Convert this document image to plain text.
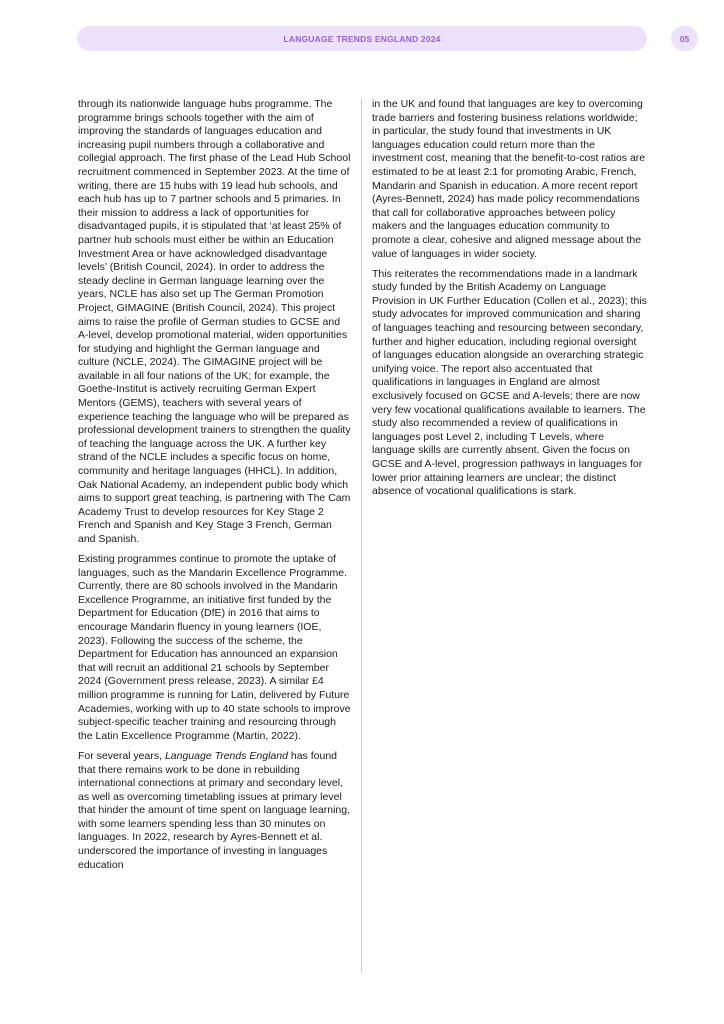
LANGUAGE TRENDS ENGLAND 2024	05

through its nationwide language hubs programme. The programme brings schools together with the aim of improving the standards of languages education and increasing pupil numbers through a collaborative and collegial approach. The first phase of the Lead Hub School recruitment commenced in September 2023. At the time of writing, there are 15 hubs with 19 lead hub schools, and each hub has up to 7 partner schools and 5 primaries. In their mission to address a lack of opportunities for disadvantaged pupils, it is stipulated that ‘at least 25% of partner hub schools must either be within an Education Investment Area or have acknowledged disadvantage levels’ (British Council, 2024). In order to address the steady decline in German language learning over the years, NCLE has also set up The German Promotion Project, GIMAGINE (British Council, 2024). This project aims to raise the profile of German studies to GCSE and A-level, develop promotional material, widen opportunities for studying and highlight the German language and culture (NCLE, 2024). The GIMAGINE project will be available in all four nations of the UK; for example, the Goethe-Institut is actively recruiting German Expert Mentors (GEMS), teachers with several years of experience teaching the language who will be prepared as professional development trainers to strengthen the quality of teaching the language across the UK. A further key strand of the NCLE includes a specific focus on home, community and heritage languages (HHCL). In addition, Oak National Academy, an independent public body which aims to support great teaching, is partnering with The Cam Academy Trust to develop resources for Key Stage 2 French and Spanish and Key Stage 3 French, German and Spanish.

Existing programmes continue to promote the uptake of languages, such as the Mandarin Excellence Programme. Currently, there are 80 schools involved in the Mandarin Excellence Programme, an initiative first funded by the Department for Education (DfE) in 2016 that aims to encourage Mandarin fluency in young learners (IOE, 2023). Following the success of the scheme, the Department for Education has announced an expansion that will recruit an additional 21 schools by September 2024 (Government press release, 2023). A similar £4 million programme is running for Latin, delivered by Future Academies, working with up to 40 state schools to improve subject-specific teacher training and resourcing through the Latin Excellence Programme (Martin, 2022).

For several years, Language Trends England has found that there remains work to be done in rebuilding international connections at primary and secondary level, as well as overcoming timetabling issues at primary level that hinder the amount of time spent on language learning, with some learners spending less than 30 minutes on languages. In 2022, research by Ayres-Bennett et al. underscored the importance of investing in languages education

in the UK and found that languages are key to overcoming trade barriers and fostering business relations worldwide; in particular, the study found that investments in UK languages education could return more than the investment cost, meaning that the benefit-to-cost ratios are estimated to be at least 2:1 for promoting Arabic, French, Mandarin and Spanish in education. A more recent report (Ayres-Bennett, 2024) has made policy recommendations that call for collaborative approaches between policy makers and the languages education community to promote a clear, cohesive and aligned message about the value of languages in wider society.

This reiterates the recommendations made in a landmark study funded by the British Academy on Language Provision in UK Further Education (Collen et al., 2023); this study advocates for improved communication and sharing of languages teaching and resourcing between secondary, further and higher education, including regional oversight of languages education alongside an overarching strategic unifying voice. The report also accentuated that qualifications in languages in England are almost exclusively focused on GCSE and A-levels; there are now very few vocational qualifications available to learners. The study also recommended a review of qualifications in languages post Level 2, including T Levels, where language skills are currently absent. Given the focus on GCSE and A-level, progression pathways in languages for lower prior attaining learners are unclear; the distinct absence of vocational qualifications is stark.
